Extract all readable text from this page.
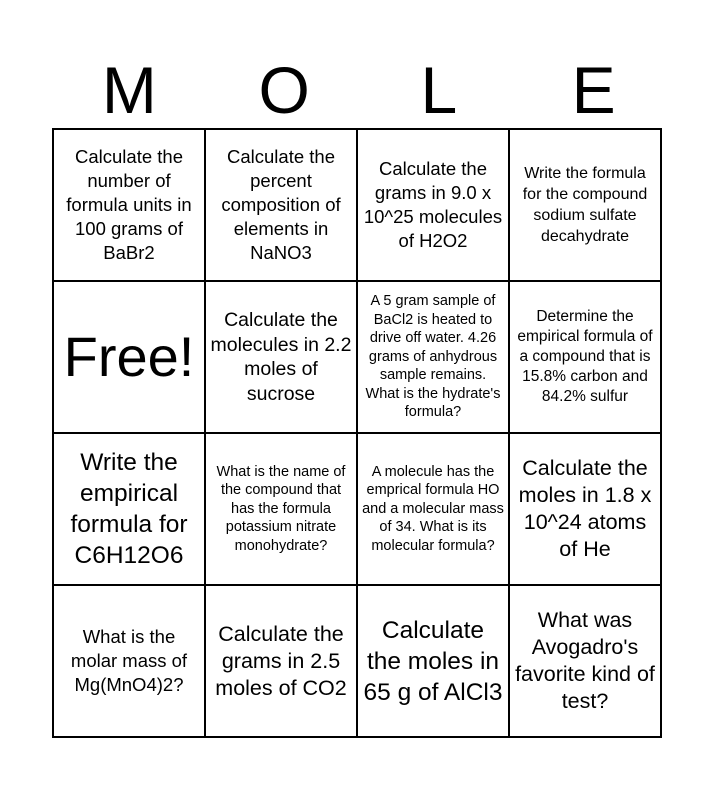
M	O	L	E
Calculate the number of formula units in 100 grams of BaBr2	Calculate the percent composition of elements in NaNO3	Calculate the grams in 9.0 x 10^25 molecules of H2O2	Write the formula for the compound sodium sulfate decahydrate
Free!	Calculate the molecules in 2.2 moles of sucrose	A 5 gram sample of BaCl2 is heated to drive off water. 4.26 grams of anhydrous sample remains. What is the hydrate's formula?	Determine the empirical formula of a compound that is 15.8% carbon and 84.2% sulfur
Write the empirical formula for C6H12O6	What is the name of the compound that has the formula potassium nitrate monohydrate?	A molecule has the emprical formula HO and a molecular mass of 34. What is its molecular formula?	Calculate the moles in 1.8 x 10^24 atoms of He
What is the molar mass of Mg(MnO4)2?	Calculate the grams in 2.5 moles of CO2	Calculate the moles in 65 g of AlCl3	What was Avogadro's favorite kind of test?
